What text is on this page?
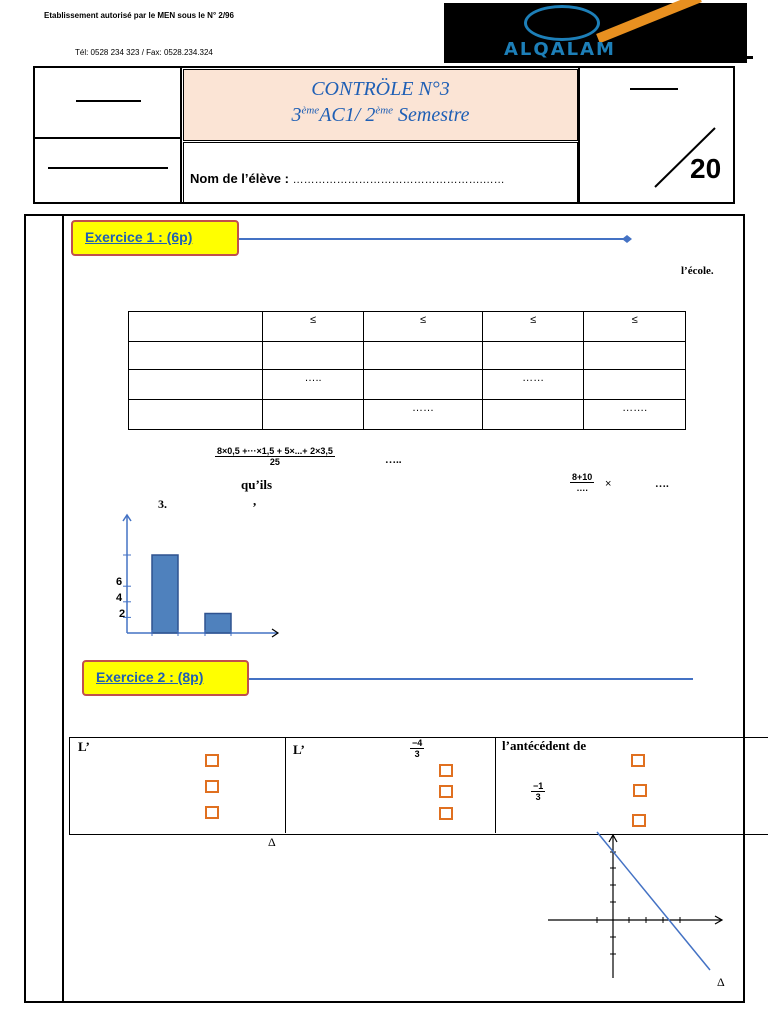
Etablissement autorisé par le MEN sous le N° 2/96
Tél: 0528 234 323 / Fax: 0528.234.324	ALQALAM
CONTRÖLE N°3
3èmeAC1/ 2ème Semestre
Nom de l’élève : …………………………………………….……	20
Exercice 1 : (6p)
l’école.
	≤	≤	≤	≤

	…..		……	
		……		…….
$\frac{8\times 0,5 +\cdot\cdot\cdot\times 1,5 + 5\times...+ 2\times 3,5}{25}$	…..
qu’ils
,
8+10
….	×	….
3.
6
4
2
Exercice 2 : (8p)
L’	L’	l’antécédent de
$\frac{-4}{3}$
$\frac{-1}{3}$
Δ
Δ
